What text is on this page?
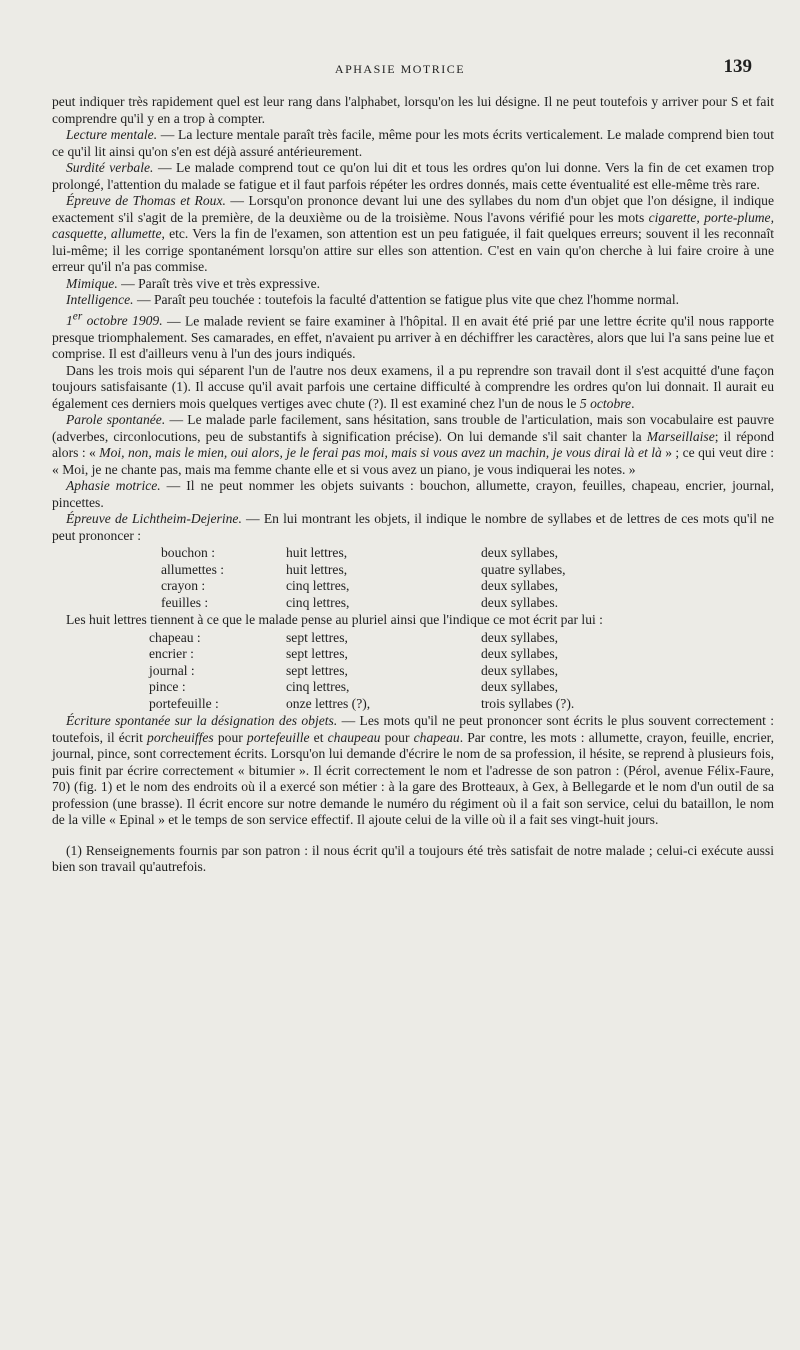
APHASIE MOTRICE	139

peut indiquer très rapidement quel est leur rang dans l'alphabet, lorsqu'on les lui désigne. Il ne peut toutefois y arriver pour S et fait comprendre qu'il y en a trop à compter.

Lecture mentale. — La lecture mentale paraît très facile, même pour les mots écrits verticalement. Le malade comprend bien tout ce qu'il lit ainsi qu'on s'en est déjà assuré antérieurement.

Surdité verbale. — Le malade comprend tout ce qu'on lui dit et tous les ordres qu'on lui donne. Vers la fin de cet examen trop prolongé, l'attention du malade se fatigue et il faut parfois répéter les ordres donnés, mais cette éventualité est elle-même très rare.

Épreuve de Thomas et Roux. — Lorsqu'on prononce devant lui une des syllabes du nom d'un objet que l'on désigne, il indique exactement s'il s'agit de la première, de la deuxième ou de la troisième. Nous l'avons vérifié pour les mots cigarette, porte-plume, casquette, allumette, etc. Vers la fin de l'examen, son attention est un peu fatiguée, il fait quelques erreurs; souvent il les reconnaît lui-même; il les corrige spontanément lorsqu'on attire sur elles son attention. C'est en vain qu'on cherche à lui faire croire à une erreur qu'il n'a pas commise.

Mimique. — Paraît très vive et très expressive.

Intelligence. — Paraît peu touchée : toutefois la faculté d'attention se fatigue plus vite que chez l'homme normal.

1er octobre 1909. — Le malade revient se faire examiner à l'hôpital. Il en avait été prié par une lettre écrite qu'il nous rapporte presque triomphalement. Ses camarades, en effet, n'avaient pu arriver à en déchiffrer les caractères, alors que lui l'a sans peine lue et comprise. Il est d'ailleurs venu à l'un des jours indiqués.

Dans les trois mois qui séparent l'un de l'autre nos deux examens, il a pu reprendre son travail dont il s'est acquitté d'une façon toujours satisfaisante (1). Il accuse qu'il avait parfois une certaine difficulté à comprendre les ordres qu'on lui donnait. Il aurait eu également ces derniers mois quelques vertiges avec chute (?). Il est examiné chez l'un de nous le 5 octobre.

Parole spontanée. — Le malade parle facilement, sans hésitation, sans trouble de l'articulation, mais son vocabulaire est pauvre (adverbes, circonlocutions, peu de substantifs à signification précise). On lui demande s'il sait chanter la Marseillaise; il répond alors : « Moi, non, mais le mien, oui alors, je le ferai pas moi, mais si vous avez un machin, je vous dirai là et là » ; ce qui veut dire : « Moi, je ne chante pas, mais ma femme chante elle et si vous avez un piano, je vous indiquerai les notes. »

Aphasie motrice. — Il ne peut nommer les objets suivants : bouchon, allumette, crayon, feuilles, chapeau, encrier, journal, pincettes.

Épreuve de Lichtheim-Dejerine. — En lui montrant les objets, il indique le nombre de syllabes et de lettres de ces mots qu'il ne peut prononcer :

bouchon :	huit lettres,	deux syllabes,
allumettes :	huit lettres,	quatre syllabes,
crayon :	cinq lettres,	deux syllabes,
feuilles :	cinq lettres,	deux syllabes.

Les huit lettres tiennent à ce que le malade pense au pluriel ainsi que l'indique ce mot écrit par lui :

chapeau :	sept lettres,	deux syllabes,
encrier :	sept lettres,	deux syllabes,
journal :	sept lettres,	deux syllabes,
pince :	cinq lettres,	deux syllabes,
portefeuille :	onze lettres (?),	trois syllabes (?).

Écriture spontanée sur la désignation des objets. — Les mots qu'il ne peut prononcer sont écrits le plus souvent correctement : toutefois, il écrit porcheuiffes pour portefeuille et chaupeau pour chapeau. Par contre, les mots : allumette, crayon, feuille, encrier, journal, pince, sont correctement écrits. Lorsqu'on lui demande d'écrire le nom de sa profession, il hésite, se reprend à plusieurs fois, puis finit par écrire correctement « bitumier ». Il écrit correctement le nom et l'adresse de son patron : (Pérol, avenue Félix-Faure, 70) (fig. 1) et le nom des endroits où il a exercé son métier : à la gare des Brotteaux, à Gex, à Bellegarde et le nom d'un outil de sa profession (une brasse). Il écrit encore sur notre demande le numéro du régiment où il a fait son service, celui du bataillon, le nom de la ville « Epinal » et le temps de son service effectif. Il ajoute celui de la ville où il a fait ses vingt-huit jours.

(1) Renseignements fournis par son patron : il nous écrit qu'il a toujours été très satisfait de notre malade ; celui-ci exécute aussi bien son travail qu'autrefois.
